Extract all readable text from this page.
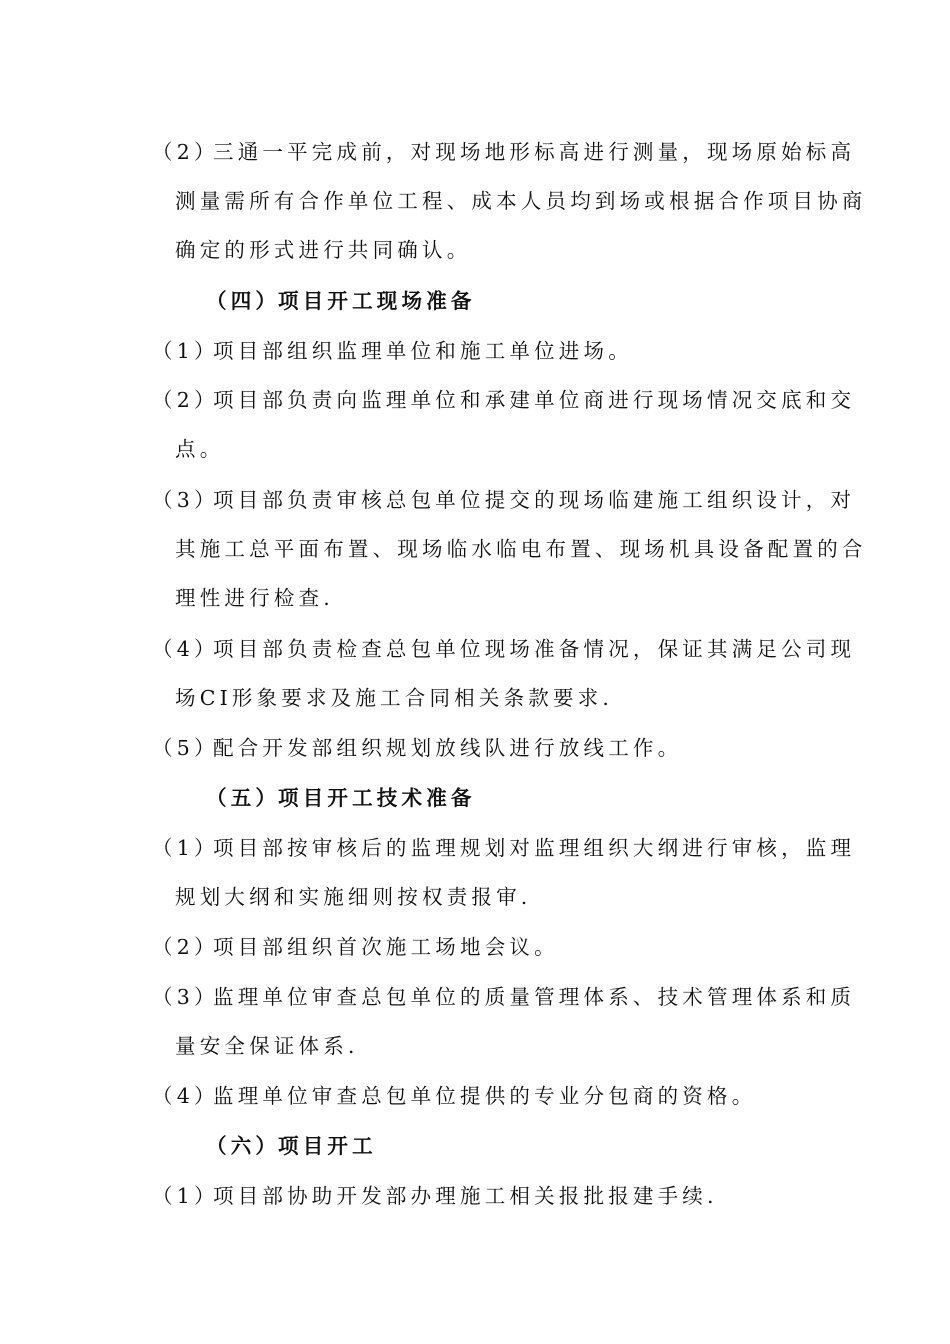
（2）
三通一平完成前，对现场地形标高进行测量，现场原始标高
测量需所有合作单位工程、成本人员均到场或根据合作项目协商
确定的形式进行共同确认。
（四）
项目开工现场准备
（1）
项目部组织监理单位和施工单位进场。
（2）
项目部负责向监理单位和承建单位商进行现场情况交底和交
点。
（3）
项目部负责审核总包单位提交的现场临建施工组织设计，对
其施工总平面布置、现场临水临电布置、现场机具设备配置的合
理性进行检查.
（4）
项目部负责检查总包单位现场准备情况，保证其满足公司现
场CI形象要求及施工合同相关条款要求.
（5）
配合开发部组织规划放线队进行放线工作。
（五）
项目开工技术准备
（1）
项目部按审核后的监理规划对监理组织大纲进行审核，监理
规划大纲和实施细则按权责报审.
（2）
项目部组织首次施工场地会议。
（3）
监理单位审查总包单位的质量管理体系、技术管理体系和质
量安全保证体系.
（4）
监理单位审查总包单位提供的专业分包商的资格。
（六）
项目开工
（1）
项目部协助开发部办理施工相关报批报建手续.
